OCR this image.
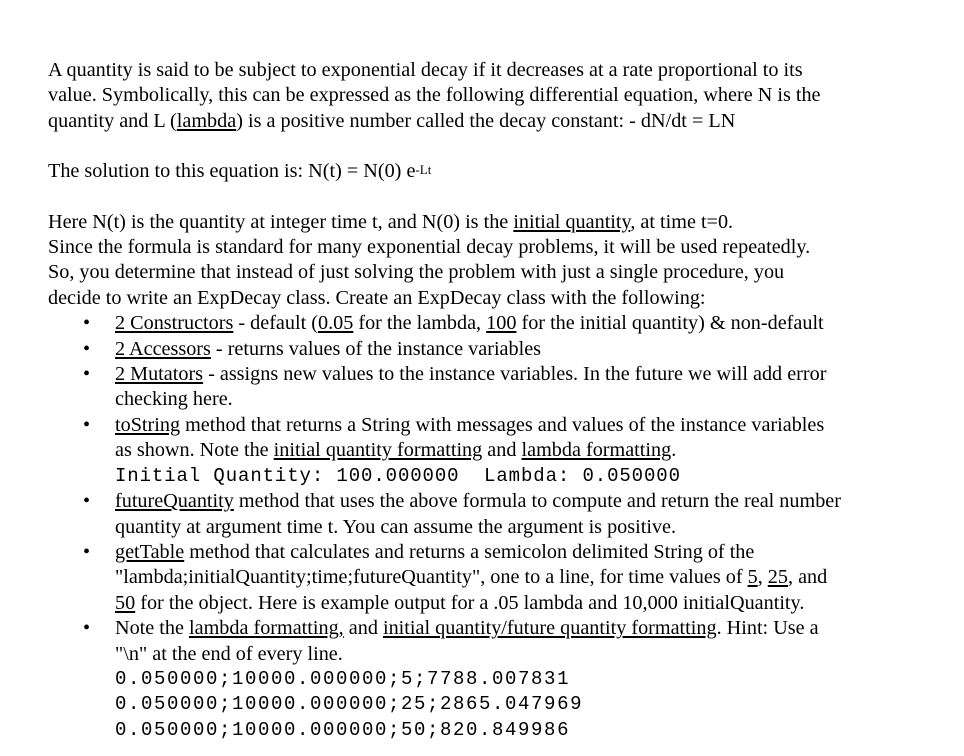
A quantity is said to be subject to exponential decay if it decreases at a rate proportional to its

value. Symbolically, this can be expressed as the following differential equation, where N is the

quantity and L (lambda) is a positive number called the decay constant: - dN/dt = LN

The solution to this equation is: N(t) = N(0) $e^{-Lt}$

Here N(t) is the quantity at integer time t, and N(0) is the initial quantity, at time t=0.

Since the formula is standard for many exponential decay problems, it will be used repeatedly.

So, you determine that instead of just solving the problem with just a single procedure, you

decide to write an ExpDecay class. Create an ExpDecay class with the following:

• 2 Constructors - default (0.05 for the lambda, 100 for the initial quantity) & non-default
• 2 Accessors - returns values of the instance variables
• 2 Mutators - assigns new values to the instance variables. In the future we will add error
checking here.
• toString method that returns a String with messages and values of the instance variables
as shown. Note the initial quantity formatting and lambda formatting.
Initial Quantity: 100.000000  Lambda: 0.050000
• futureQuantity method that uses the above formula to compute and return the real number
quantity at argument time t. You can assume the argument is positive.
• getTable method that calculates and returns a semicolon delimited String of the
"lambda;initialQuantity;time;futureQuantity", one to a line, for time values of 5, 25, and
50 for the object. Here is example output for a .05 lambda and 10,000 initialQuantity.
• Note the lambda formatting, and initial quantity/future quantity formatting. Hint: Use a
"\n" at the end of every line.
0.050000;10000.000000;5;7788.007831
0.050000;10000.000000;25;2865.047969
0.050000;10000.000000;50;820.849986
